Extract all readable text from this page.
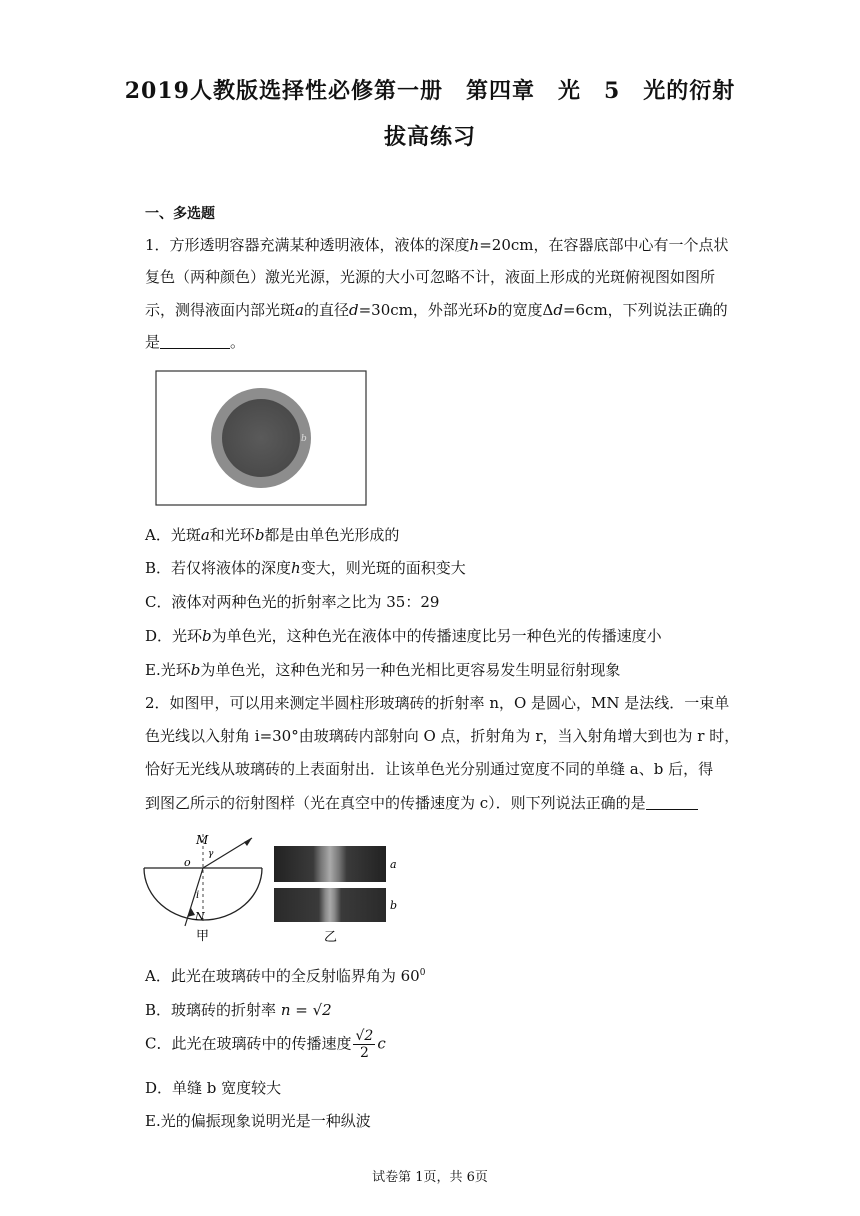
2019人教版选择性必修第一册　第四章　光　5　光的衍射
拔高练习
一、多选题
1．方形透明容器充满某种透明液体，液体的深度h=20cm，在容器底部中心有一个点状
复色（两种颜色）激光光源，光源的大小可忽略不计，液面上形成的光斑俯视图如图所
示，测得液面内部光斑a的直径d=30cm，外部光环b的宽度Δd=6cm，下列说法正确的
是	。
b
A．光斑a和光环b都是由单色光形成的
B．若仅将液体的深度h变大，则光斑的面积变大
C．液体对两种色光的折射率之比为 35：29
D．光环b为单色光，这种色光在液体中的传播速度比另一种色光的传播速度小
E.光环b为单色光，这种色光和另一种色光相比更容易发生明显衍射现象
2．如图甲，可以用来测定半圆柱形玻璃砖的折射率 n，O 是圆心，MN 是法线．一束单
色光线以入射角 i=30°由玻璃砖内部射向 O 点，折射角为 r，当入射角增大到也为 r 时，
恰好无光线从玻璃砖的上表面射出．让该单色光分别通过宽度不同的单缝 a、b 后，得
到图乙所示的衍射图样（光在真空中的传播速度为 c）．则下列说法正确的是
M
γ
o
i
N
甲
a
b
乙
A．此光在玻璃砖中的全反射临界角为 $60^0$
B．玻璃砖的折射率 n = √2
C．此光在玻璃砖中的传播速度 $\frac{√2}{2}$ c
D．单缝 b 宽度较大
E.光的偏振现象说明光是一种纵波
试卷第 1页，共 6页
